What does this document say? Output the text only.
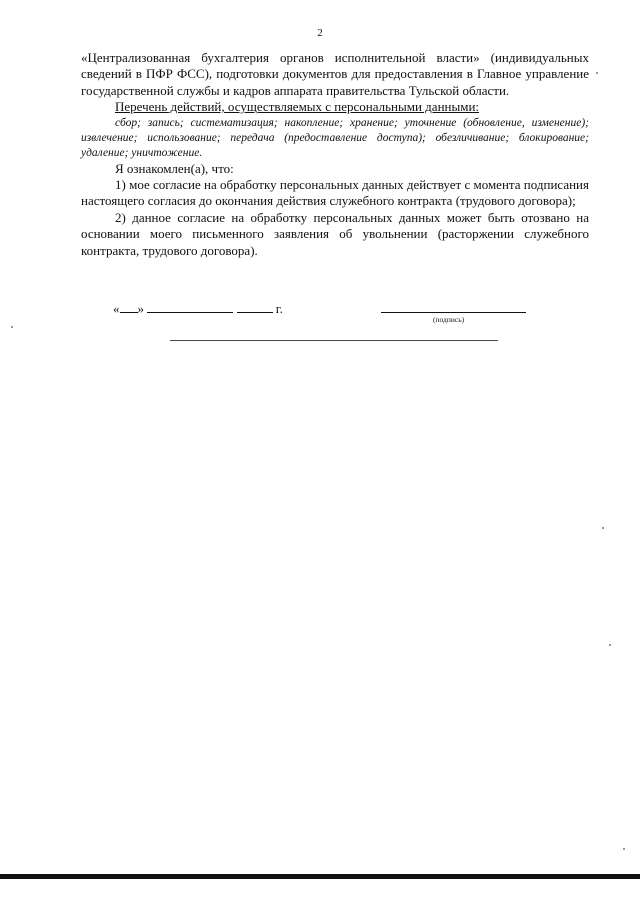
2

«Централизованная бухгалтерия органов исполнительной власти» (индивидуальных сведений в ПФР ФСС), подготовки документов для предоставления в Главное управление государственной службы и кадров аппарата правительства Тульской области.

Перечень действий, осуществляемых с персональными данными:

сбор; запись; систематизация; накопление; хранение; уточнение (обновление, изменение); извлечение; использование; передача (предоставление доступа); обезличивание; блокирование; удаление; уничтожение.

Я ознакомлен(а), что:

1) мое согласие на обработку персональных данных действует с момента подписания настоящего согласия до окончания действия служебного контракта (трудового договора);

2) данное согласие на обработку персональных данных может быть отозвано на основании моего письменного заявления об увольнении (расторжении служебного контракта, трудового договора).

« »	г.
(подпись)
